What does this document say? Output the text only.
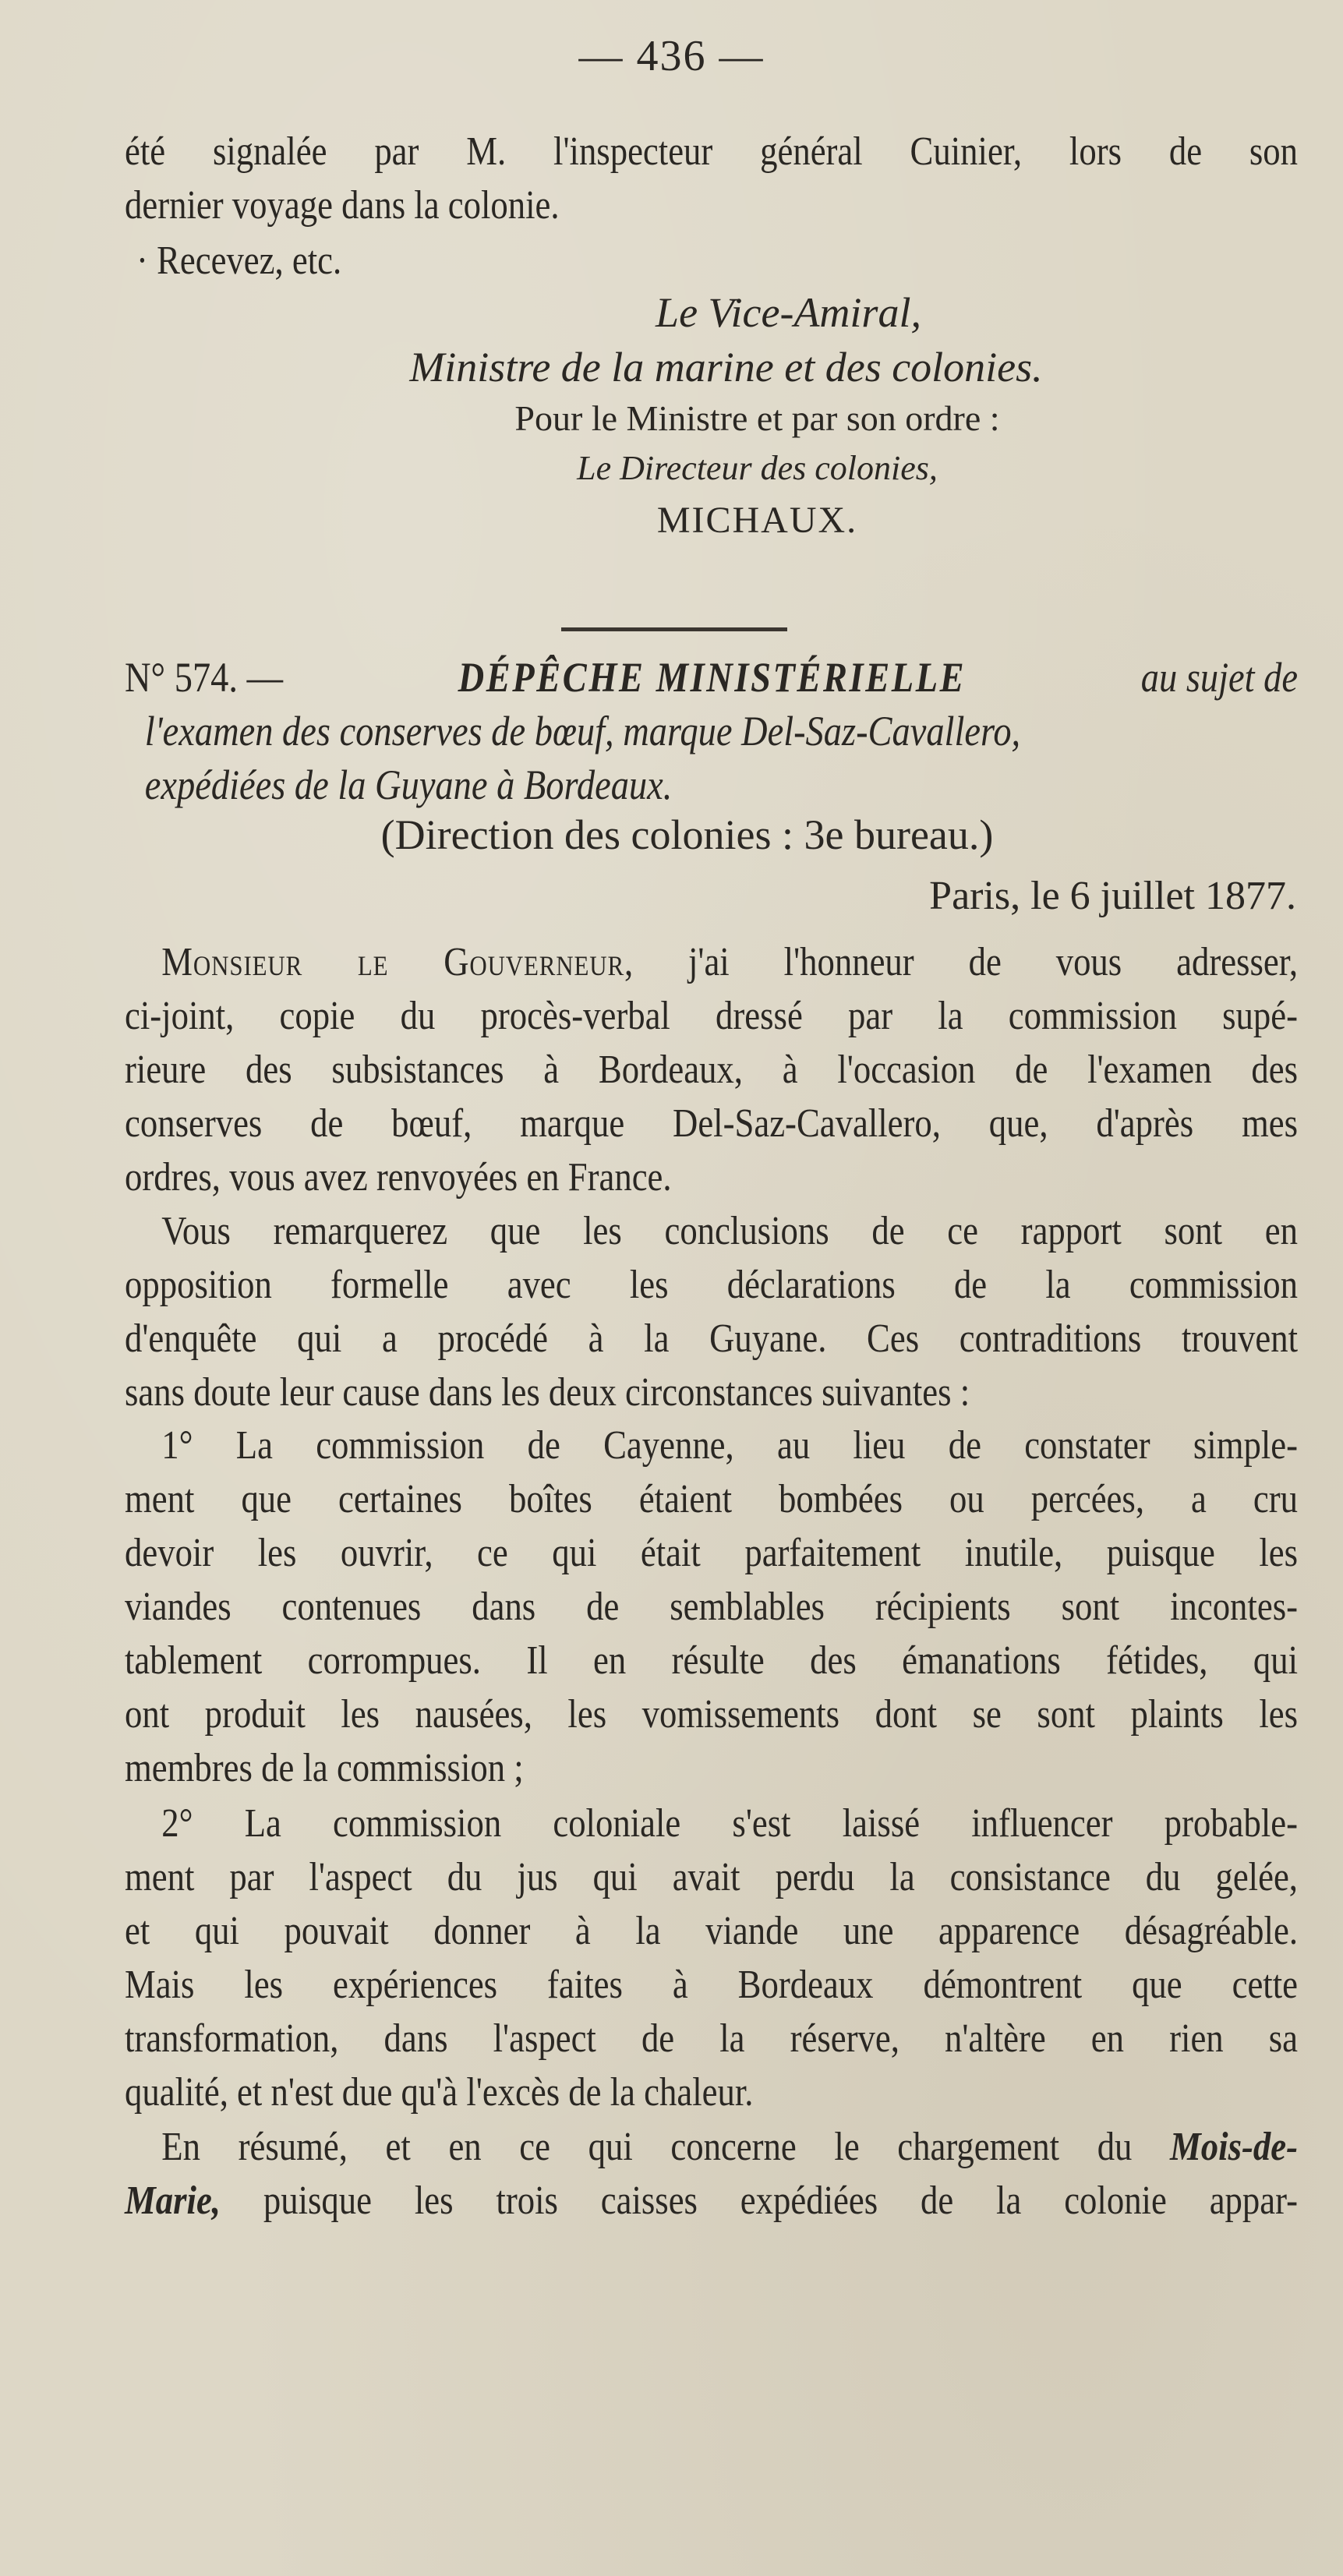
— 436 —
été signalée par M. l'inspecteur général Cuinier, lors de son
dernier voyage dans la colonie.
· Recevez, etc.
Le Vice-Amiral,
Ministre de la marine et des colonies.
Pour le Ministre et par son ordre :
Le Directeur des colonies,
MICHAUX.
N° 574. —	DÉPÊCHE MINISTÉRIELLE	au sujet de
l'examen des conserves de bœuf, marque Del-Saz-Cavallero,
expédiées de la Guyane à Bordeaux.
(Direction des colonies : 3e bureau.)
Paris, le 6 juillet 1877.
Monsieur le Gouverneur, j'ai l'honneur de vous adresser,
ci-joint, copie du procès-verbal dressé par la commission supé-
rieure des subsistances à Bordeaux, à l'occasion de l'examen des
conserves de bœuf, marque Del-Saz-Cavallero, que, d'après mes
ordres, vous avez renvoyées en France.
Vous remarquerez que les conclusions de ce rapport sont en
opposition formelle avec les déclarations de la commission
d'enquête qui a procédé à la Guyane. Ces contraditions trouvent
sans doute leur cause dans les deux circonstances suivantes :
1° La commission de Cayenne, au lieu de constater simple-
ment que certaines boîtes étaient bombées ou percées, a cru
devoir les ouvrir, ce qui était parfaitement inutile, puisque les
viandes contenues dans de semblables récipients sont incontes-
tablement corrompues. Il en résulte des émanations fétides, qui
ont produit les nausées, les vomissements dont se sont plaints les
membres de la commission ;
2° La commission coloniale s'est laissé influencer probable-
ment par l'aspect du jus qui avait perdu la consistance du gelée,
et qui pouvait donner à la viande une apparence désagréable.
Mais les expériences faites à Bordeaux démontrent que cette
transformation, dans l'aspect de la réserve, n'altère en rien sa
qualité, et n'est due qu'à l'excès de la chaleur.
En résumé, et en ce qui concerne le chargement du Mois-de-
Marie, puisque les trois caisses expédiées de la colonie appar-
